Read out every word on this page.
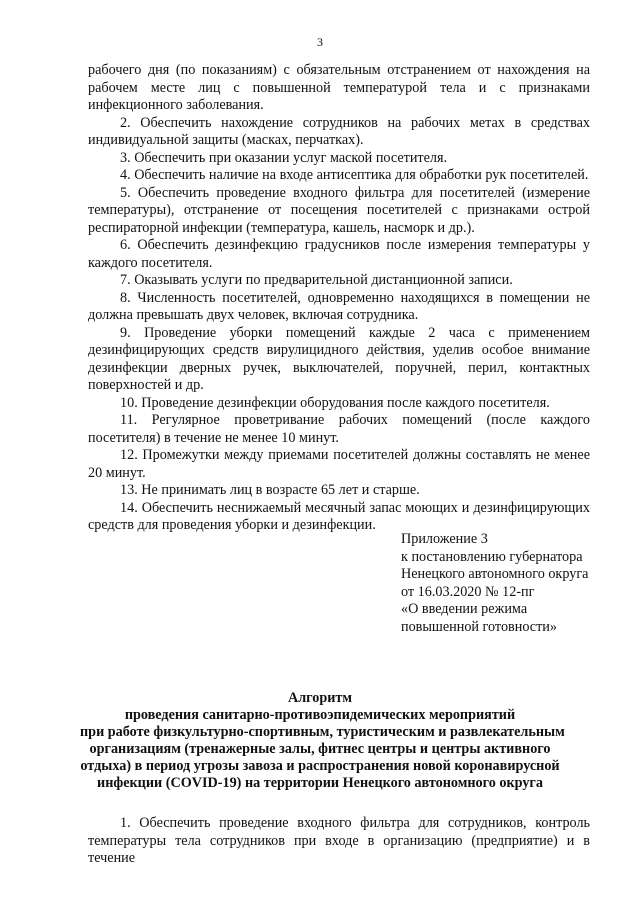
3

рабочего дня (по показаниям) с обязательным отстранением от нахождения на рабочем месте лиц с повышенной температурой тела и с признаками инфекционного заболевания.

2. Обеспечить нахождение сотрудников на рабочих метах в средствах индивидуальной защиты (масках, перчатках).

3. Обеспечить при оказании услуг маской посетителя.

4. Обеспечить наличие на входе антисептика для обработки рук посетителей.

5. Обеспечить проведение входного фильтра для посетителей (измерение температуры), отстранение от посещения посетителей с признаками острой респираторной инфекции (температура, кашель, насморк и др.).

6. Обеспечить дезинфекцию градусников после измерения температуры у каждого посетителя.

7. Оказывать услуги по предварительной дистанционной записи.

8. Численность посетителей, одновременно находящихся в помещении не должна превышать двух человек, включая сотрудника.

9. Проведение уборки помещений каждые 2 часа с применением дезинфицирующих средств вирулицидного действия, уделив особое внимание дезинфекции дверных ручек, выключателей, поручней, перил, контактных поверхностей и др.

10. Проведение дезинфекции оборудования после каждого посетителя.

11. Регулярное проветривание рабочих помещений (после каждого посетителя) в течение не менее 10 минут.

12. Промежутки между приемами посетителей должны составлять не менее 20 минут.

13. Не принимать лиц в возрасте 65 лет и старше.

14. Обеспечить неснижаемый месячный запас моющих и дезинфицирующих средств для проведения уборки и дезинфекции.

Приложение 3
к постановлению губернатора
Ненецкого автономного округа
от 16.03.2020 № 12-пг
«О введении режима
повышенной готовности»
Алгоритм
проведения санитарно-противоэпидемических мероприятий
при работе физкультурно-спортивным, туристическим и развлекательным
организациям (тренажерные залы, фитнес центры и центры активного
отдыха) в период угрозы завоза и распространения новой коронавирусной
инфекции (COVID-19) на территории Ненецкого автономного округа

1. Обеспечить проведение входного фильтра для сотрудников, контроль температуры тела сотрудников при входе в организацию (предприятие) и в течение
